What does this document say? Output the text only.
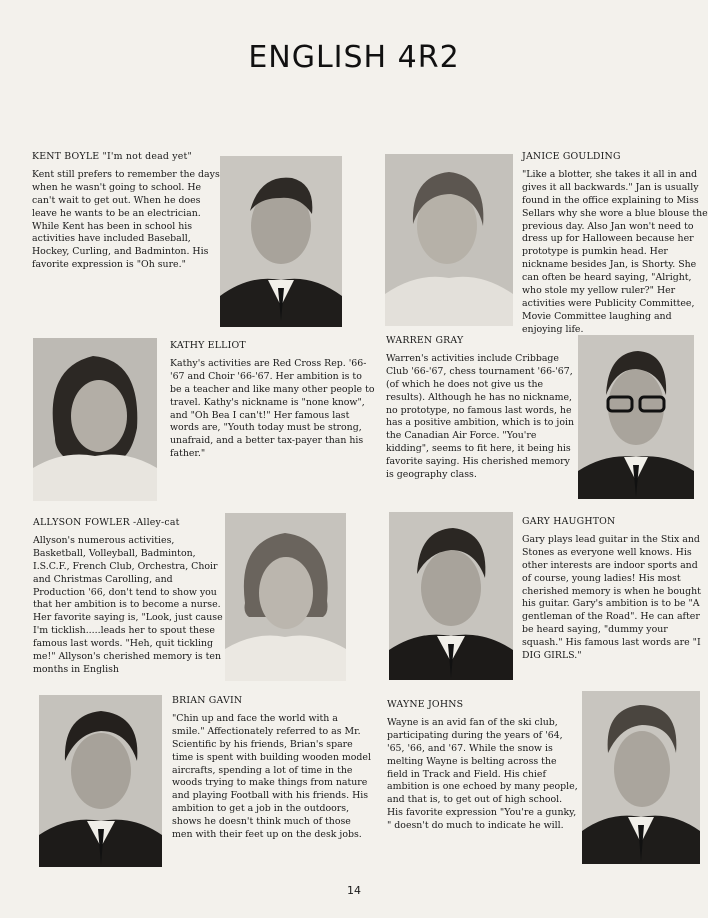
ENGLISH 4R2
KENT BOYLE "I'm not dead yet"
Kent still prefers to remember the days when he wasn't going to school. He can't wait to get out. When he does leave he wants to be an electrician. While Kent has been in school his activities have included Baseball, Hockey, Curling, and Badminton. His favorite expression is "Oh sure."
JANICE GOULDING
"Like a blotter, she takes it all in and gives it all backwards." Jan is usually found in the office explaining to Miss Sellars why she wore a blue blouse the previous day. Also Jan won't need to dress up for Halloween because her prototype is pumkin head. Her nickname besides Jan, is Shorty. She can often be heard saying, "Alright, who stole my yellow ruler?" Her activities were Publicity Committee, Movie Committee laughing and enjoying life.
KATHY ELLIOT
Kathy's activities are Red Cross Rep. '66-'67 and Choir '66-'67. Her ambition is to be a teacher and like many other people to travel. Kathy's nickname is "none know", and "Oh Bea I can't!" Her famous last words are, "Youth today must be strong, unafraid, and a better tax-payer than his father."
WARREN GRAY
Warren's activities include Cribbage Club '66-'67, chess tournament '66-'67, (of which he does not give us the results). Although he has no nickname, no prototype, no famous last words, he has a positive ambition, which is to join the Canadian Air Force. "You're kidding", seems to fit here, it being his favorite saying. His cherished memory is geography class.
ALLYSON FOWLER -Alley-cat
Allyson's numerous activities, Basketball, Volleyball, Badminton, I.S.C.F., French Club, Orchestra, Choir and Christmas Carolling, and Production '66, don't tend to show you that her ambition is to become a nurse. Her favorite saying is, "Look, just cause I'm ticklish.....leads her to spout these famous last words. "Heh, quit tickling me!" Allyson's cherished memory is ten months in English
GARY HAUGHTON
Gary plays lead guitar in the Stix and Stones as everyone well knows. His other interests are indoor sports and of course, young ladies! His most cherished memory is when he bought his guitar. Gary's ambition is to be "A gentleman of the Road". He can after be heard saying, "dummy your squash." His famous last words are "I DIG GIRLS."
BRIAN GAVIN
"Chin up and face the world with a smile." Affectionately referred to as Mr. Scientific by his friends, Brian's spare time is spent with building wooden model aircrafts, spending a lot of time in the woods trying to make things from nature and playing Football with his friends. His ambition to get a job in the outdoors, shows he doesn't think much of those men with their feet up on the desk jobs.
WAYNE JOHNS
Wayne is an avid fan of the ski club, participating during the years of '64, '65, '66, and '67. While the snow is melting Wayne is belting across the field in Track and Field. His chief ambition is one echoed by many people, and that is, to get out of high school. His favorite expression "You're a gunky, " doesn't do much to indicate he will.
14
